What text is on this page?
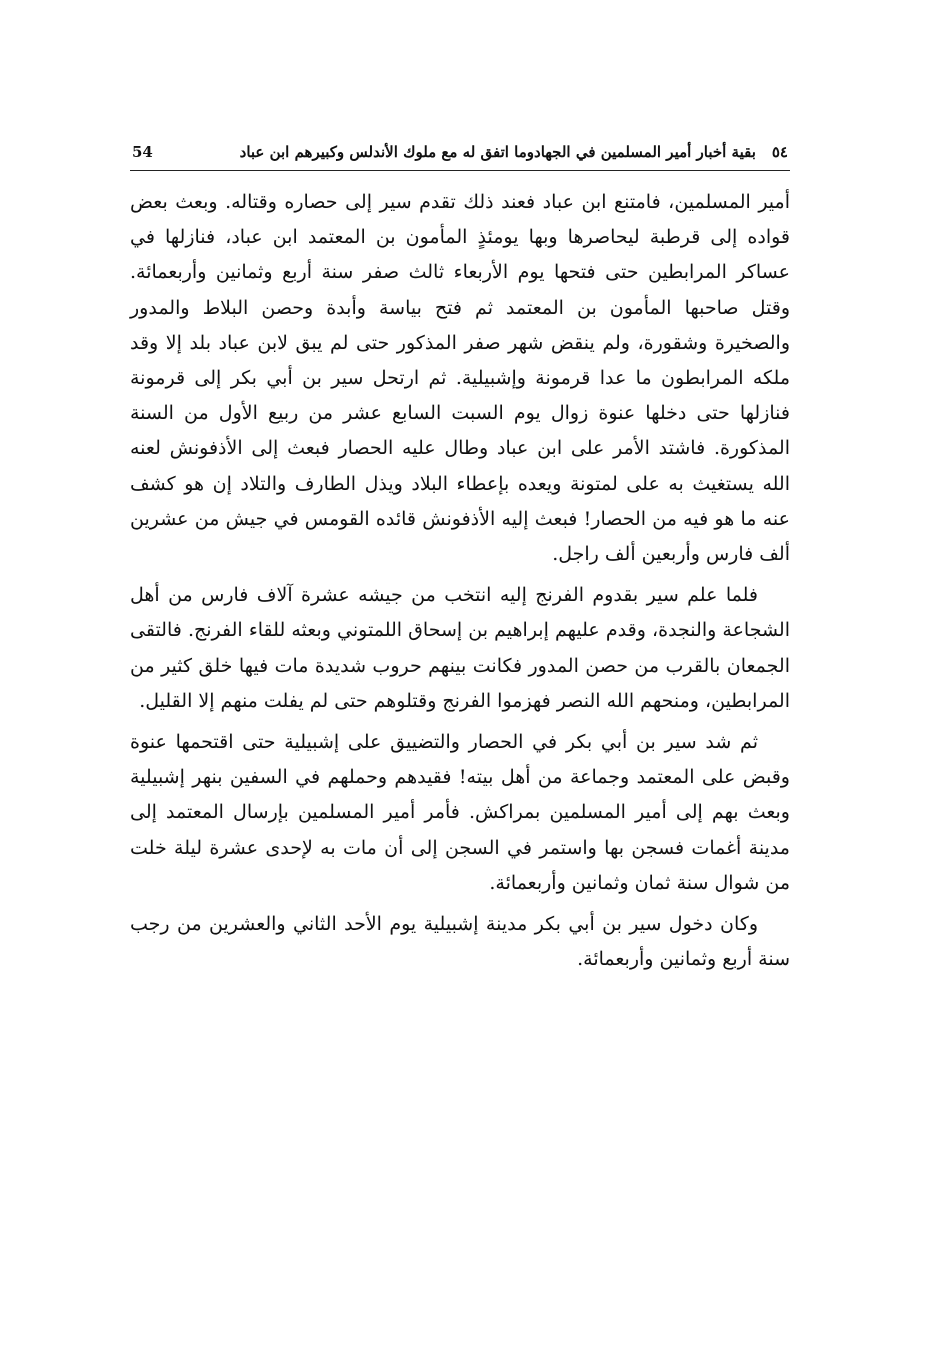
٥٤
بقية أخبار أمير المسلمين في الجهادوما اتفق له مع ملوك الأندلس وكبيرهم ابن عباد
54

أمير المسلمين، فامتنع ابن عباد فعند ذلك تقدم سير إلى حصاره وقتاله. وبعث بعض قواده إلى قرطبة ليحاصرها وبها يومئذٍ المأمون بن المعتمد ابن عباد، فنازلها في عساكر المرابطين حتى فتحها يوم الأربعاء ثالث صفر سنة أربع وثمانين وأربعمائة. وقتل صاحبها المأمون بن المعتمد ثم فتح بياسة وأبدة وحصن البلاط والمدور والصخيرة وشقورة، ولم ينقض شهر صفر المذكور حتى لم يبق لابن عباد بلد إلا وقد ملكه المرابطون ما عدا قرمونة وإشبيلية. ثم ارتحل سير بن أبي بكر إلى قرمونة فنازلها حتى دخلها عنوة زوال يوم السبت السابع عشر من ربيع الأول من السنة المذكورة. فاشتد الأمر على ابن عباد وطال عليه الحصار فبعث إلى الأذفونش لعنه الله يستغيث به على لمتونة ويعده بإعطاء البلاد ويذل الطارف والتلاد إن هو كشف عنه ما هو فيه من الحصار! فبعث إليه الأذفونش قائده القومس في جيش من عشرين ألف فارس وأربعين ألف راجل.

فلما علم سير بقدوم الفرنج إليه انتخب من جيشه عشرة آلاف فارس من أهل الشجاعة والنجدة، وقدم عليهم إبراهيم بن إسحاق اللمتوني وبعثه للقاء الفرنج. فالتقى الجمعان بالقرب من حصن المدور فكانت بينهم حروب شديدة مات فيها خلق كثير من المرابطين، ومنحهم الله النصر فهزموا الفرنج وقتلوهم حتى لم يفلت منهم إلا القليل.

ثم شد سير بن أبي بكر في الحصار والتضييق على إشبيلية حتى اقتحمها عنوة وقبض على المعتمد وجماعة من أهل بيته! فقيدهم وحملهم في السفين بنهر إشبيلية وبعث بهم إلى أمير المسلمين بمراكش. فأمر أمير المسلمين بإرسال المعتمد إلى مدينة أغمات فسجن بها واستمر في السجن إلى أن مات به لإحدى عشرة ليلة خلت من شوال سنة ثمان وثمانين وأربعمائة.

وكان دخول سير بن أبي بكر مدينة إشبيلية يوم الأحد الثاني والعشرين من رجب سنة أربع وثمانين وأربعمائة.
